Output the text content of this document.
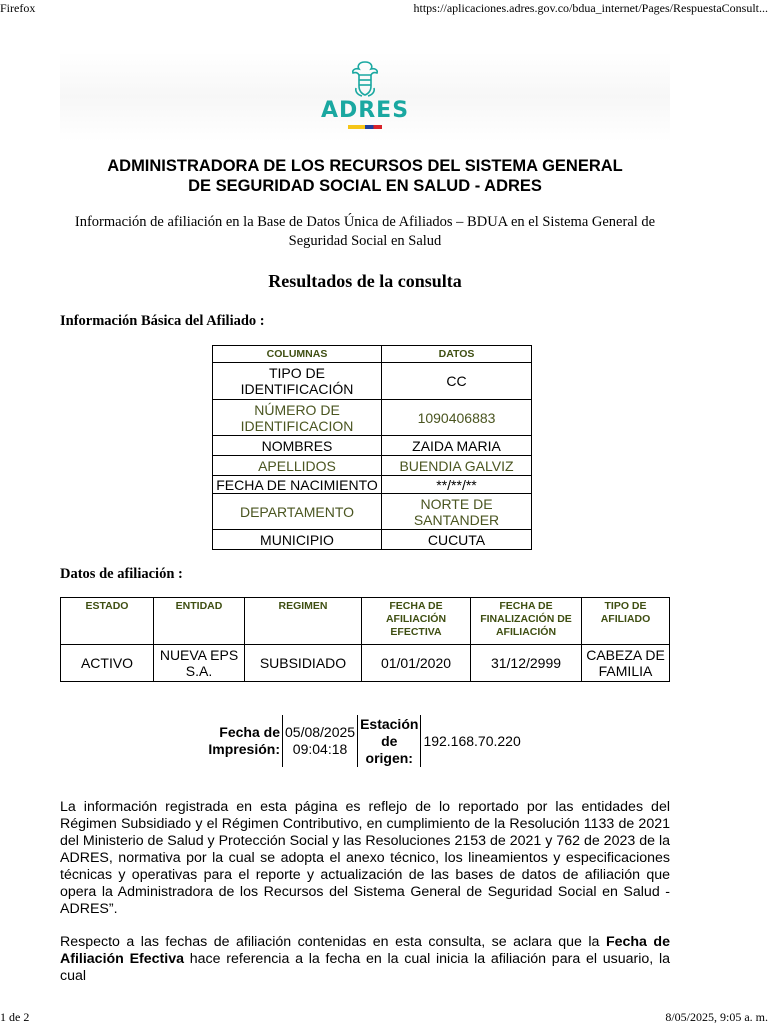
Firefox	https://aplicaciones.adres.gov.co/bdua_internet/Pages/RespuestaConsult...
ADRES
ADMINISTRADORA DE LOS RECURSOS DEL SISTEMA GENERAL
DE SEGURIDAD SOCIAL EN SALUD - ADRES
Información de afiliación en la Base de Datos Única de Afiliados – BDUA en el Sistema General de
Seguridad Social en Salud
Resultados de la consulta
Información Básica del Afiliado :
COLUMNAS	DATOS
TIPO DE IDENTIFICACIÓN	CC
NÚMERO DE IDENTIFICACION	1090406883
NOMBRES	ZAIDA MARIA
APELLIDOS	BUENDIA GALVIZ
FECHA DE NACIMIENTO	**/**/**
DEPARTAMENTO	NORTE DE SANTANDER
MUNICIPIO	CUCUTA
Datos de afiliación :
ESTADO	ENTIDAD	REGIMEN	FECHA DE AFILIACIÓN EFECTIVA	FECHA DE FINALIZACIÓN DE AFILIACIÓN	TIPO DE AFILIADO
ACTIVO	NUEVA EPS S.A.	SUBSIDIADO	01/01/2020	31/12/2999	CABEZA DE FAMILIA
Fecha de Impresión:	05/08/2025 09:04:18	Estación de origen:	192.168.70.220
La información registrada en esta página es reflejo de lo reportado por las entidades del Régimen Subsidiado y el Régimen Contributivo, en cumplimiento de la Resolución 1133 de 2021 del Ministerio de Salud y Protección Social y las Resoluciones 2153 de 2021 y 762 de 2023 de la ADRES, normativa por la cual se adopta el anexo técnico, los lineamientos y especificaciones técnicas y operativas para el reporte y actualización de las bases de datos de afiliación que opera la Administradora de los Recursos del Sistema General de Seguridad Social en Salud - ADRES”.
Respecto a las fechas de afiliación contenidas en esta consulta, se aclara que la Fecha de Afiliación Efectiva hace referencia a la fecha en la cual inicia la afiliación para el usuario, la cual
1 de 2	8/05/2025, 9:05 a. m.
